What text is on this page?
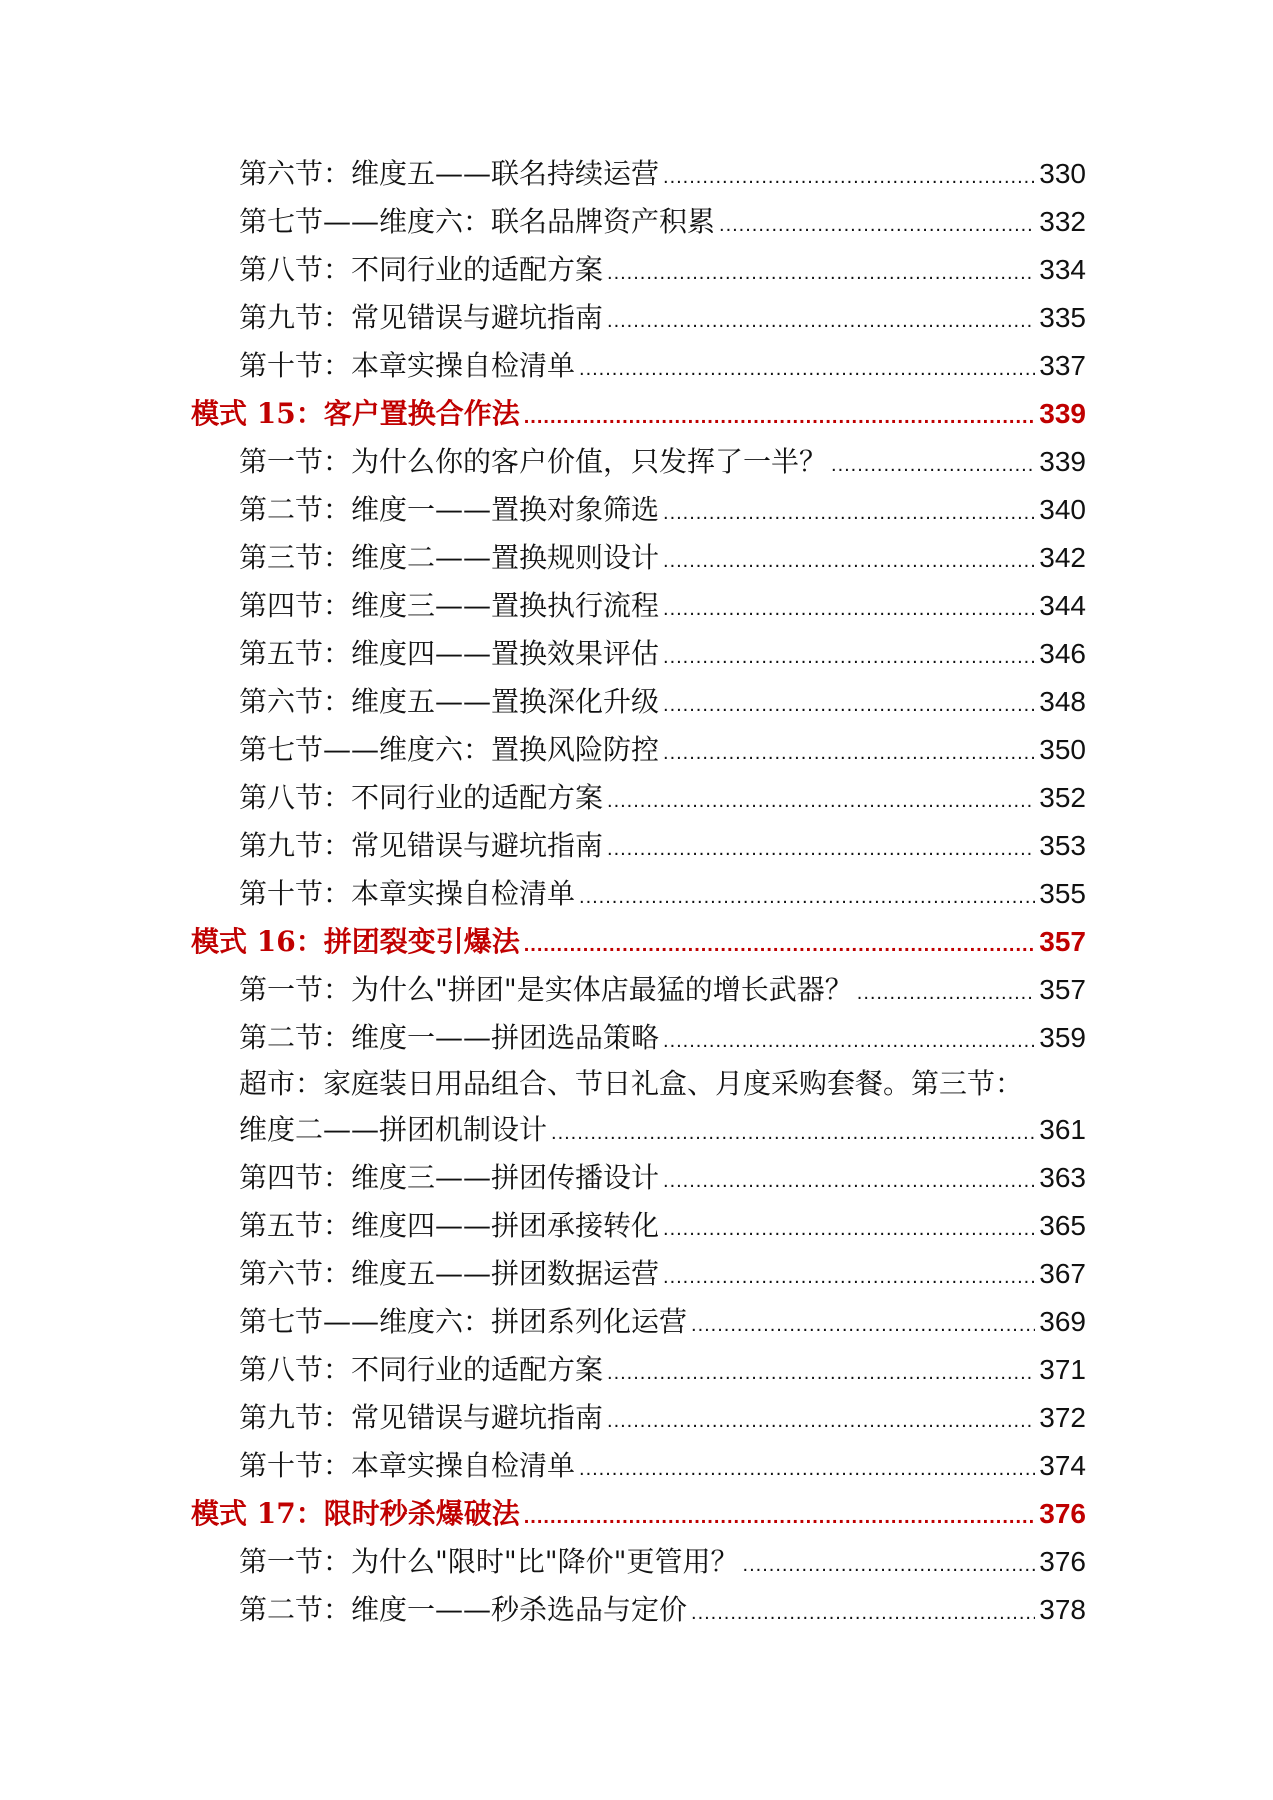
第六节：维度五——联名持续运营 .....	330
第七节——维度六：联名品牌资产积累 .....	332
第八节：不同行业的适配方案 .....	334
第九节：常见错误与避坑指南 .....	335
第十节：本章实操自检清单 .....	337
模式 15：客户置换合作法 .....	339
第一节：为什么你的客户价值，只发挥了一半？ .....	339
第二节：维度一——置换对象筛选 .....	340
第三节：维度二——置换规则设计 .....	342
第四节：维度三——置换执行流程 .....	344
第五节：维度四——置换效果评估 .....	346
第六节：维度五——置换深化升级 .....	348
第七节——维度六：置换风险防控 .....	350
第八节：不同行业的适配方案 .....	352
第九节：常见错误与避坑指南 .....	353
第十节：本章实操自检清单 .....	355
模式 16：拼团裂变引爆法 .....	357
第一节：为什么"拼团"是实体店最猛的增长武器？ .....	357
第二节：维度一——拼团选品策略 .....	359
超市：家庭装日用品组合、节日礼盒、月度采购套餐。第三节：
维度二——拼团机制设计 .....	361
第四节：维度三——拼团传播设计 .....	363
第五节：维度四——拼团承接转化 .....	365
第六节：维度五——拼团数据运营 .....	367
第七节——维度六：拼团系列化运营 .....	369
第八节：不同行业的适配方案 .....	371
第九节：常见错误与避坑指南 .....	372
第十节：本章实操自检清单 .....	374
模式 17：限时秒杀爆破法 .....	376
第一节：为什么"限时"比"降价"更管用？ .....	376
第二节：维度一——秒杀选品与定价 .....	378
